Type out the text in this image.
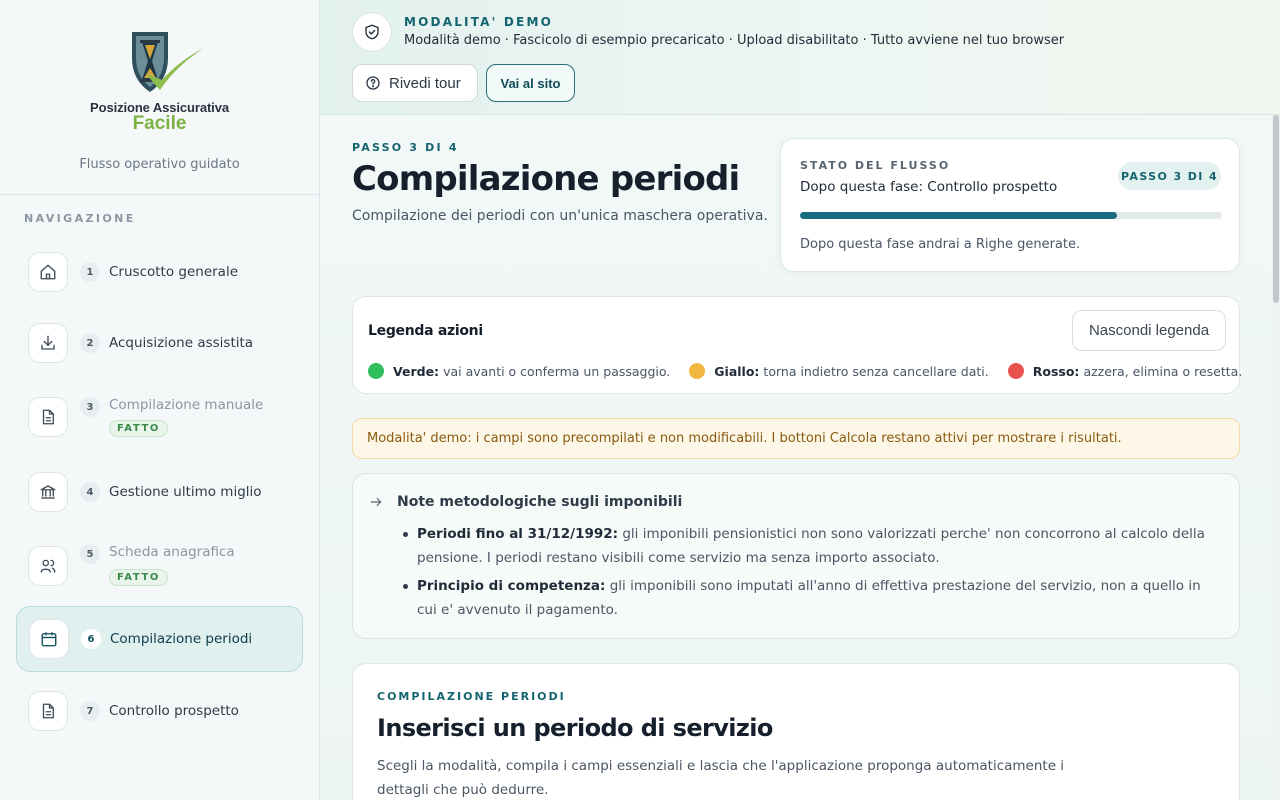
Posizione Assicurativa
Facile
Flusso operativo guidato
NAVIGAZIONE
1	Cruscotto generale
2	Acquisizione assistita
3	Compilazione manuale
FATTO
4	Gestione ultimo miglio
5	Scheda anagrafica
FATTO
6	Compilazione periodi
7	Controllo prospetto
MODALITA' DEMO
Modalità demo · Fascicolo di esempio precaricato · Upload disabilitato · Tutto avviene nel tuo browser
Rivedi tour	Vai al sito
PASSO 3 DI 4
Compilazione periodi
Compilazione dei periodi con un'unica maschera operativa.
STATO DEL FLUSSO
Dopo questa fase: Controllo prospetto
PASSO 3 DI 4
Dopo questa fase andrai a Righe generate.
Legenda azioni	Nascondi legenda
Verde: vai avanti o conferma un passaggio.	Giallo: torna indietro senza cancellare dati.	Rosso: azzera, elimina o resetta.
Modalita' demo: i campi sono precompilati e non modificabili. I bottoni Calcola restano attivi per mostrare i risultati.
Note metodologiche sugli imponibili
Periodi fino al 31/12/1992: gli imponibili pensionistici non sono valorizzati perche' non concorrono al calcolo della pensione. I periodi restano visibili come servizio ma senza importo associato.
Principio di competenza: gli imponibili sono imputati all'anno di effettiva prestazione del servizio, non a quello in cui e' avvenuto il pagamento.
COMPILAZIONE PERIODI
Inserisci un periodo di servizio

Scegli la modalità, compila i campi essenziali e lascia che l'applicazione proponga automaticamente i dettagli che può dedurre.
